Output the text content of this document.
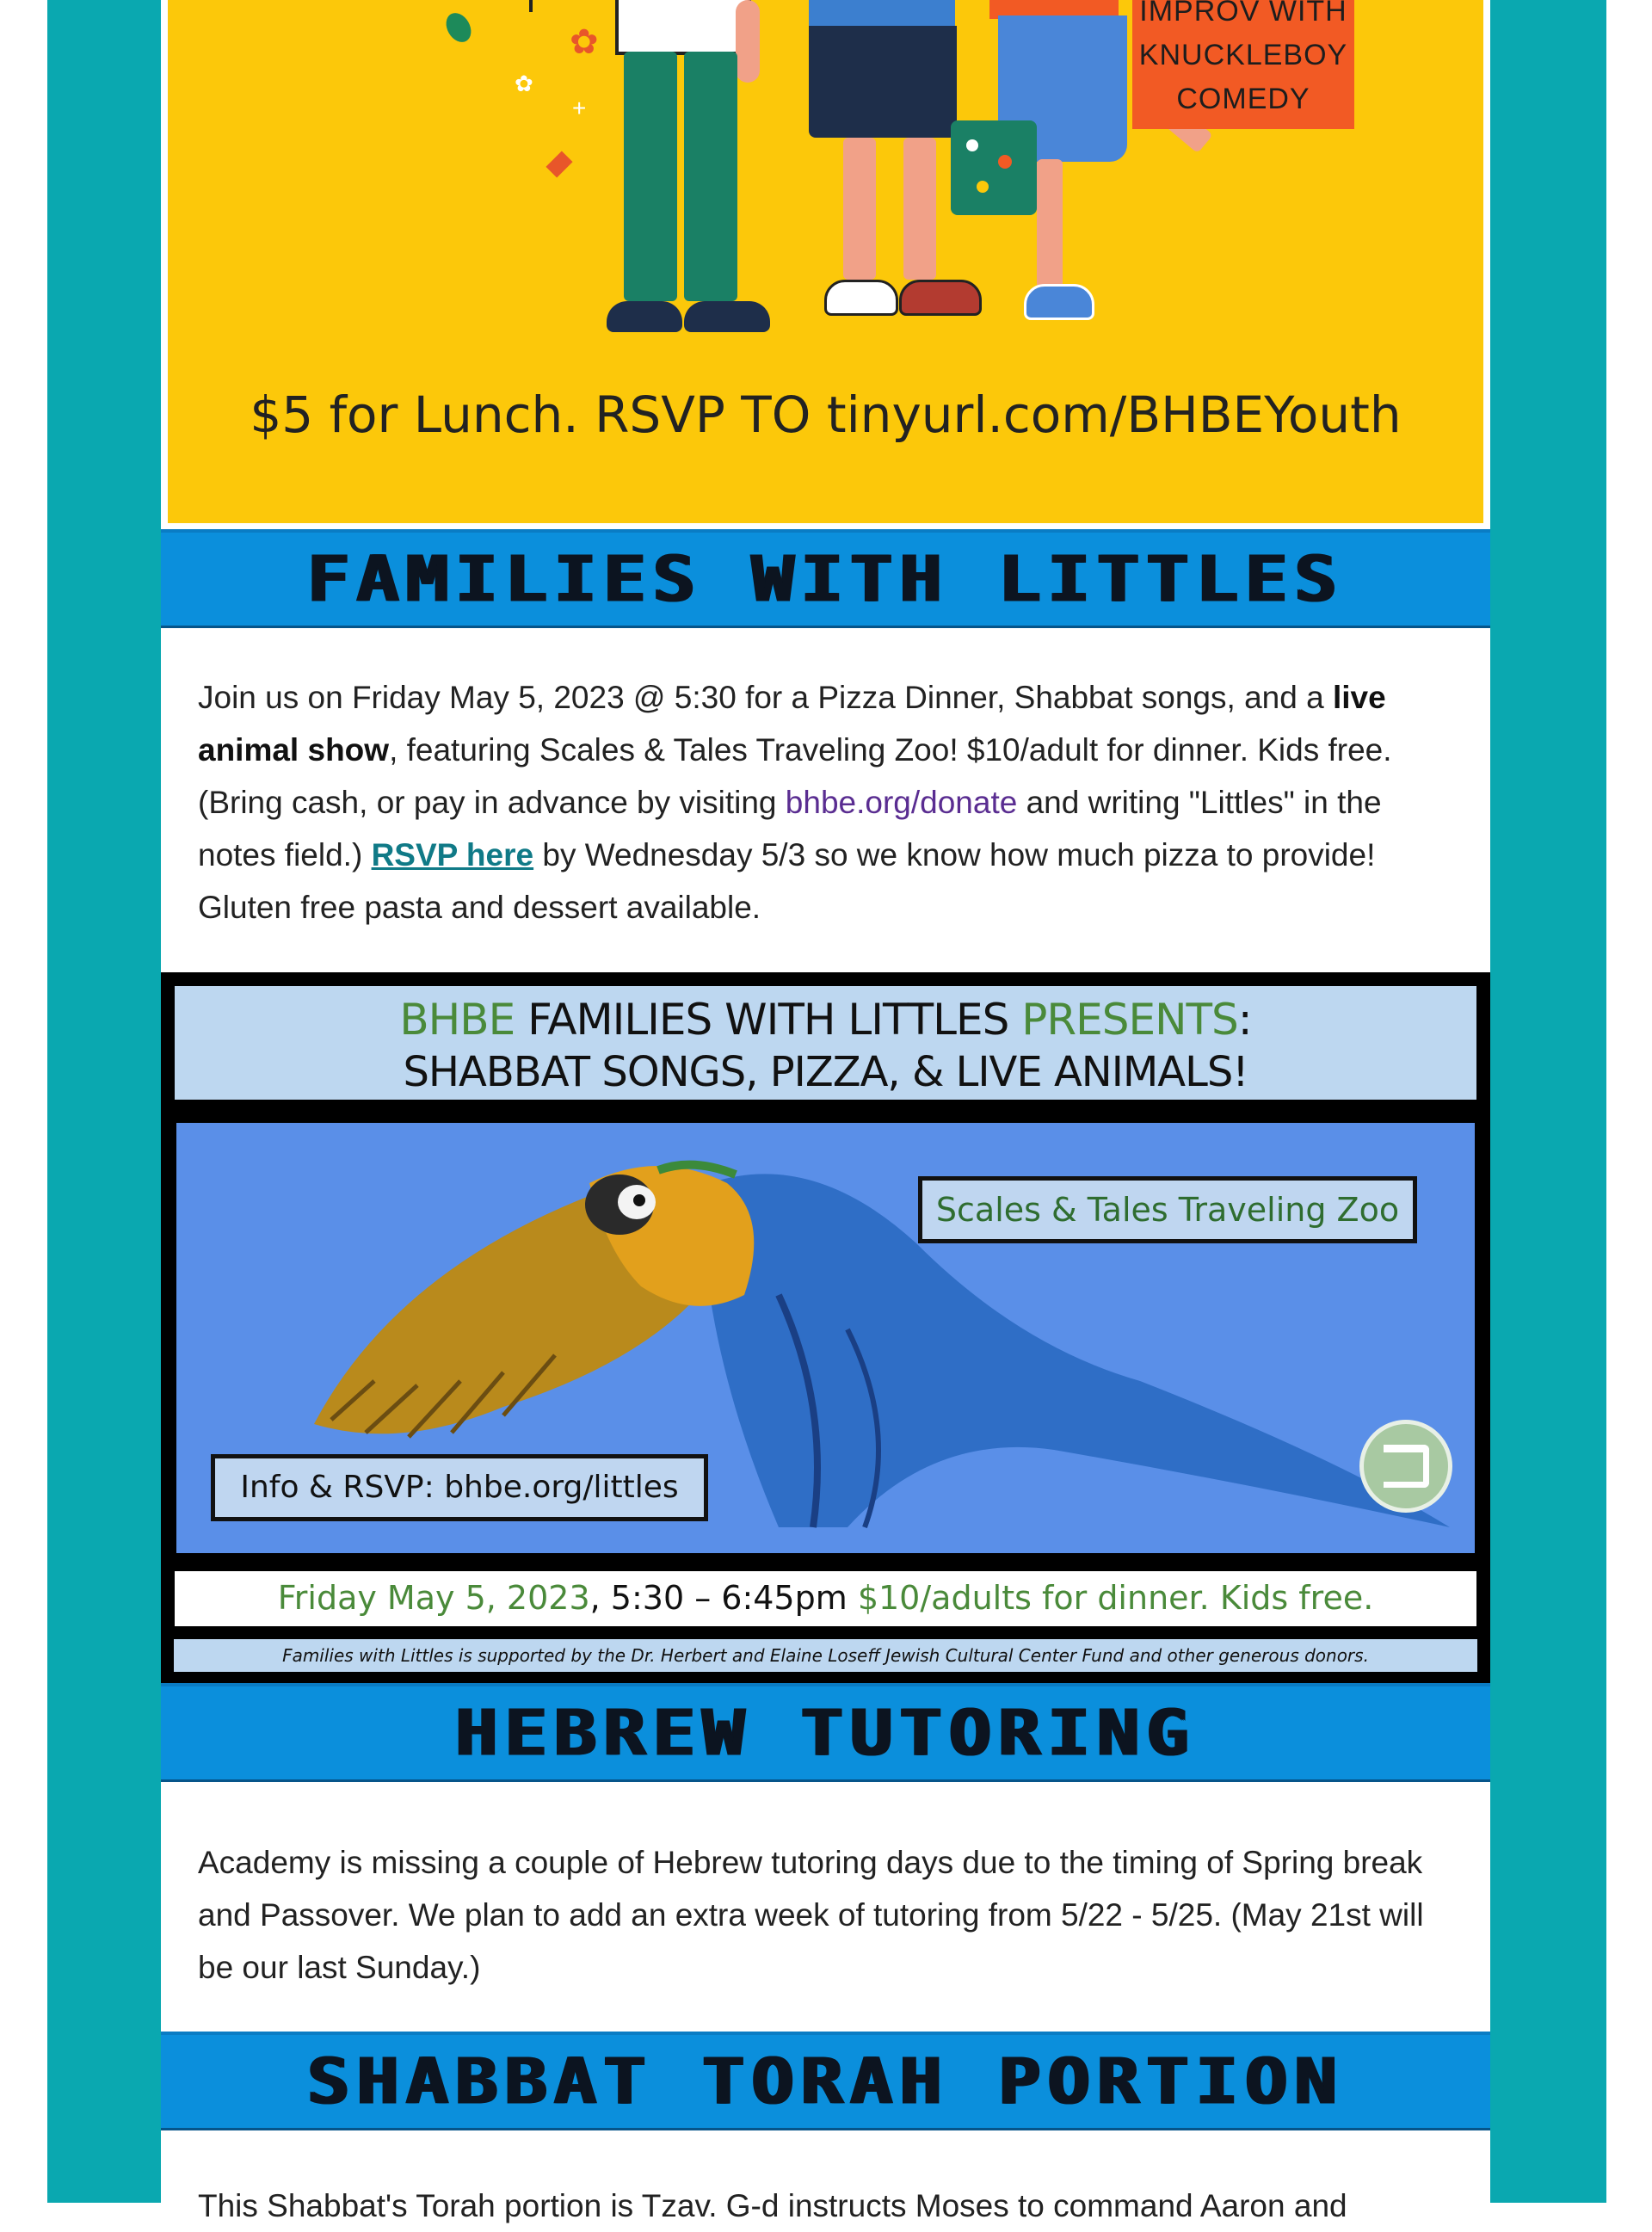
✿
✿
+
IMPROV WITH
KNUCKLEBOY
COMEDY
$5 for Lunch. RSVP TO tinyurl.com/BHBEYouth
FAMILIES WITH LITTLES
Join us on Friday May 5, 2023 @ 5:30 for a Pizza Dinner, Shabbat songs, and a live animal show, featuring Scales & Tales Traveling Zoo! $10/adult for dinner. Kids free. (Bring cash, or pay in advance by visiting bhbe.org/donate and writing "Littles" in the notes field.) RSVP here by Wednesday 5/3 so we know how much pizza to provide! Gluten free pasta and dessert available.
BHBE FAMILIES WITH LITTLES PRESENTS:
SHABBAT SONGS, PIZZA, & LIVE ANIMALS!
Scales & Tales Traveling Zoo
Info & RSVP: bhbe.org/littles
Friday May 5, 2023, 5:30 – 6:45pm $10/adults for dinner. Kids free.
Families with Littles is supported by the Dr. Herbert and Elaine Loseff Jewish Cultural Center Fund and other generous donors.
HEBREW TUTORING
Academy is missing a couple of Hebrew tutoring days due to the timing of Spring break and Passover. We plan to add an extra week of tutoring from 5/22 - 5/25. (May 21st will be our last Sunday.)
SHABBAT TORAH PORTION
This Shabbat's Torah portion is Tzav. G-d instructs Moses to command Aaron and
